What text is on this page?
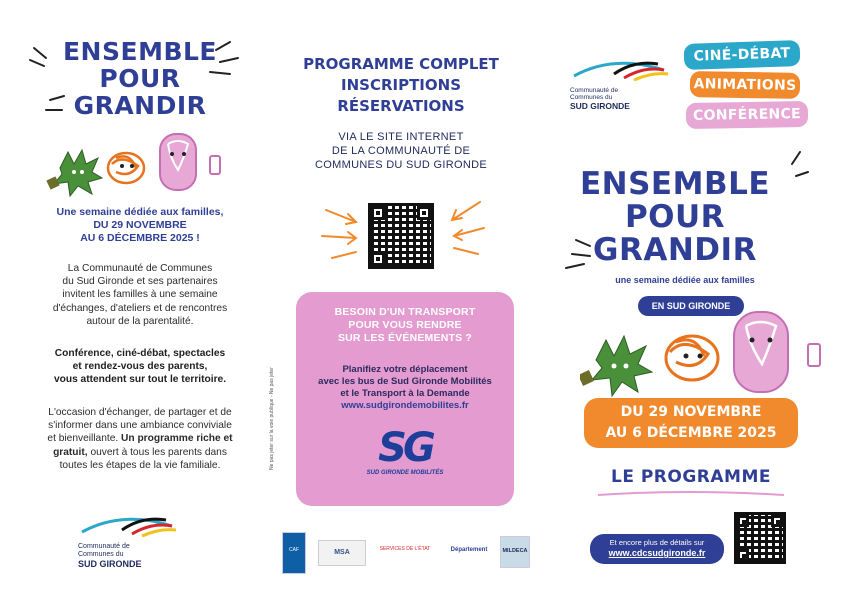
ENSEMBLE
POUR
GRANDIR
Une semaine dédiée aux familles,
DU 29 NOVEMBRE
AU 6 DÉCEMBRE 2025 !
La Communauté de Communes
du Sud Gironde et ses partenaires
invitent les familles à une semaine
d'échanges, d'ateliers et de rencontres
autour de la parentalité.
Conférence, ciné-débat, spectacles
et rendez-vous des parents,
vous attendent sur tout le territoire.
L'occasion d'échanger, de partager et de
s'informer dans une ambiance conviviale
et bienveillante. Un programme riche et
gratuit, ouvert à tous les parents dans
toutes les étapes de la vie familiale.
Communauté de
Communes du
SUD GIRONDE
PROGRAMME COMPLET
INSCRIPTIONS
RÉSERVATIONS
VIA LE SITE INTERNET
DE LA COMMUNAUTÉ DE
COMMUNES DU SUD GIRONDE
BESOIN D'UN TRANSPORT
POUR VOUS RENDRE
SUR LES ÉVÉNEMENTS ?
Planifiez votre déplacement
avec les bus de Sud Gironde Mobilités
et le Transport à la Demande
www.sudgirondemobilites.fr
SG
SUD GIRONDE MOBILITÉS
Ne pas jeter sur la voie publique - Ne pas jeter
CAF	MSA	SERVICES DE L'ÉTAT	Département	MILDECA
Communauté de
Communes du
SUD GIRONDE
CINÉ-DÉBAT
ANIMATIONS
CONFÉRENCE
ENSEMBLE
POUR
GRANDIR
une semaine dédiée aux familles
EN SUD GIRONDE
DU 29 NOVEMBRE
AU 6 DÉCEMBRE 2025
LE PROGRAMME
Et encore plus de détails sur
www.cdcsudgironde.fr
